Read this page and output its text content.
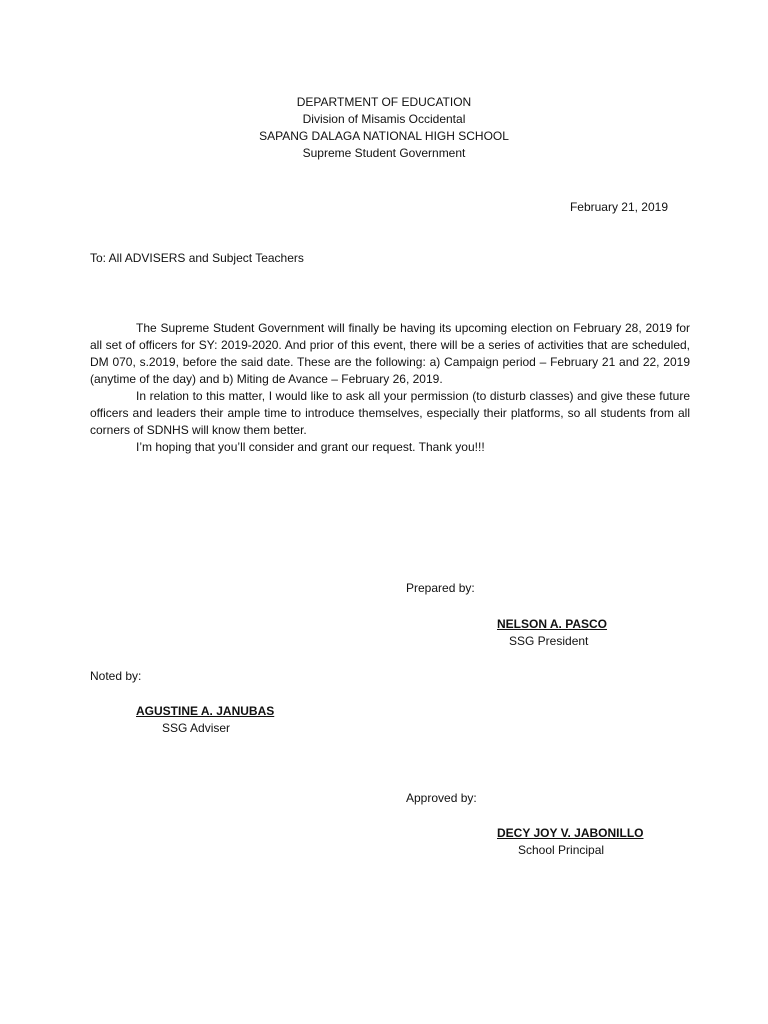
DEPARTMENT OF EDUCATION
Division of Misamis Occidental
SAPANG DALAGA NATIONAL HIGH SCHOOL
Supreme Student Government
February 21, 2019
To: All ADVISERS and Subject Teachers

The Supreme Student Government will finally be having its upcoming election on February 28, 2019 for all set of officers for SY: 2019-2020. And prior of this event, there will be a series of activities that are scheduled, DM 070, s.2019, before the said date. These are the following: a) Campaign period – February 21 and 22, 2019 (anytime of the day) and b) Miting de Avance – February 26, 2019.

In relation to this matter, I would like to ask all your permission (to disturb classes) and give these future officers and leaders their ample time to introduce themselves, especially their platforms, so all students from all corners of SDNHS will know them better.

I’m hoping that you’ll consider and grant our request. Thank you!!!

Prepared by:
NELSON A. PASCO
SSG President
Noted by:
AGUSTINE A. JANUBAS
SSG Adviser
Approved by:
DECY JOY V. JABONILLO
School Principal
